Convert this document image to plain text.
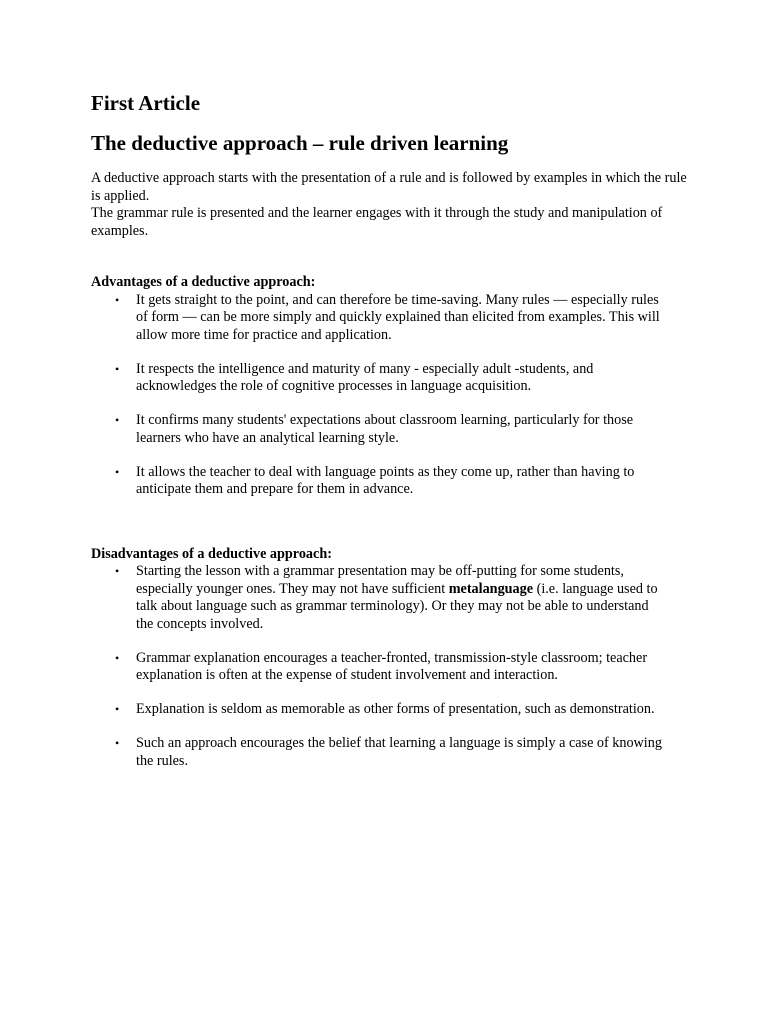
First Article
The deductive approach – rule driven learning

A deductive approach starts with the presentation of a rule and is followed by examples in which the rule is applied.

The grammar rule is presented and the learner engages with it through the study and manipulation of examples.

Advantages of a deductive approach:

• It gets straight to the point, and can therefore be time-saving. Many rules — especially rules of form — can be more simply and quickly explained than elicited from examples. This will allow more time for practice and application.
• It respects the intelligence and maturity of many - especially adult -students, and acknowledges the role of cognitive processes in language acquisition.
• It confirms many students' expectations about classroom learning, particularly for those learners who have an analytical learning style.
• It allows the teacher to deal with language points as they come up, rather than having to anticipate them and prepare for them in advance.

Disadvantages of a deductive approach:

• Starting the lesson with a grammar presentation may be off-putting for some students, especially younger ones. They may not have sufficient metalanguage (i.e. language used to talk about language such as grammar terminology). Or they may not be able to understand the concepts involved.
• Grammar explanation encourages a teacher-fronted, transmission-style classroom; teacher explanation is often at the expense of student involvement and interaction.
• Explanation is seldom as memorable as other forms of presentation, such as demonstration.
• Such an approach encourages the belief that learning a language is simply a case of knowing the rules.
